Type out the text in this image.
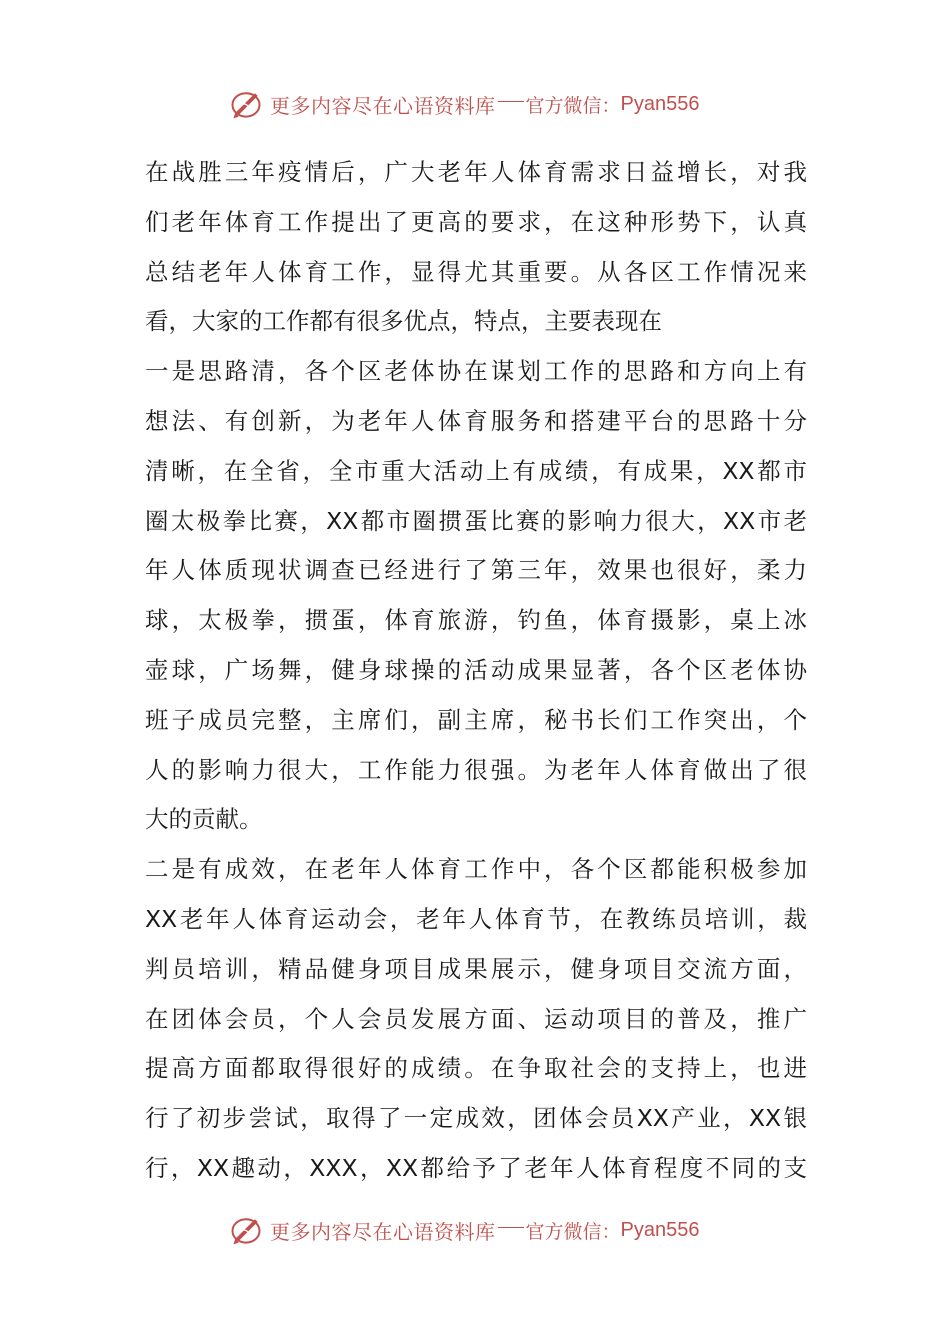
更多内容尽在心语资料库 官方微信： Pyan556
在战胜三年疫情后，广大老年人体育需求日益增长，对我
们老年体育工作提出了更高的要求，在这种形势下，认真
总结老年人体育工作，显得尤其重要。从各区工作情况来
看，大家的工作都有很多优点，特点，主要表现在
一是思路清，各个区老体协在谋划工作的思路和方向上有
想法、有创新，为老年人体育服务和搭建平台的思路十分
清晰，在全省，全市重大活动上有成绩，有成果，XX都市
圈太极拳比赛，XX都市圈掼蛋比赛的影响力很大，XX市老
年人体质现状调查已经进行了第三年，效果也很好，柔力
球，太极拳，掼蛋，体育旅游，钓鱼，体育摄影，桌上冰
壶球，广场舞，健身球操的活动成果显著，各个区老体协
班子成员完整，主席们，副主席，秘书长们工作突出，个
人的影响力很大，工作能力很强。为老年人体育做出了很
大的贡献。
二是有成效，在老年人体育工作中，各个区都能积极参加
XX老年人体育运动会，老年人体育节，在教练员培训，裁
判员培训，精品健身项目成果展示，健身项目交流方面，
在团体会员，个人会员发展方面、运动项目的普及，推广
提高方面都取得很好的成绩。在争取社会的支持上，也进
行了初步尝试，取得了一定成效，团体会员XX产业，XX银
行，XX趣动，XXX，XX都给予了老年人体育程度不同的支
更多内容尽在心语资料库 官方微信： Pyan556
